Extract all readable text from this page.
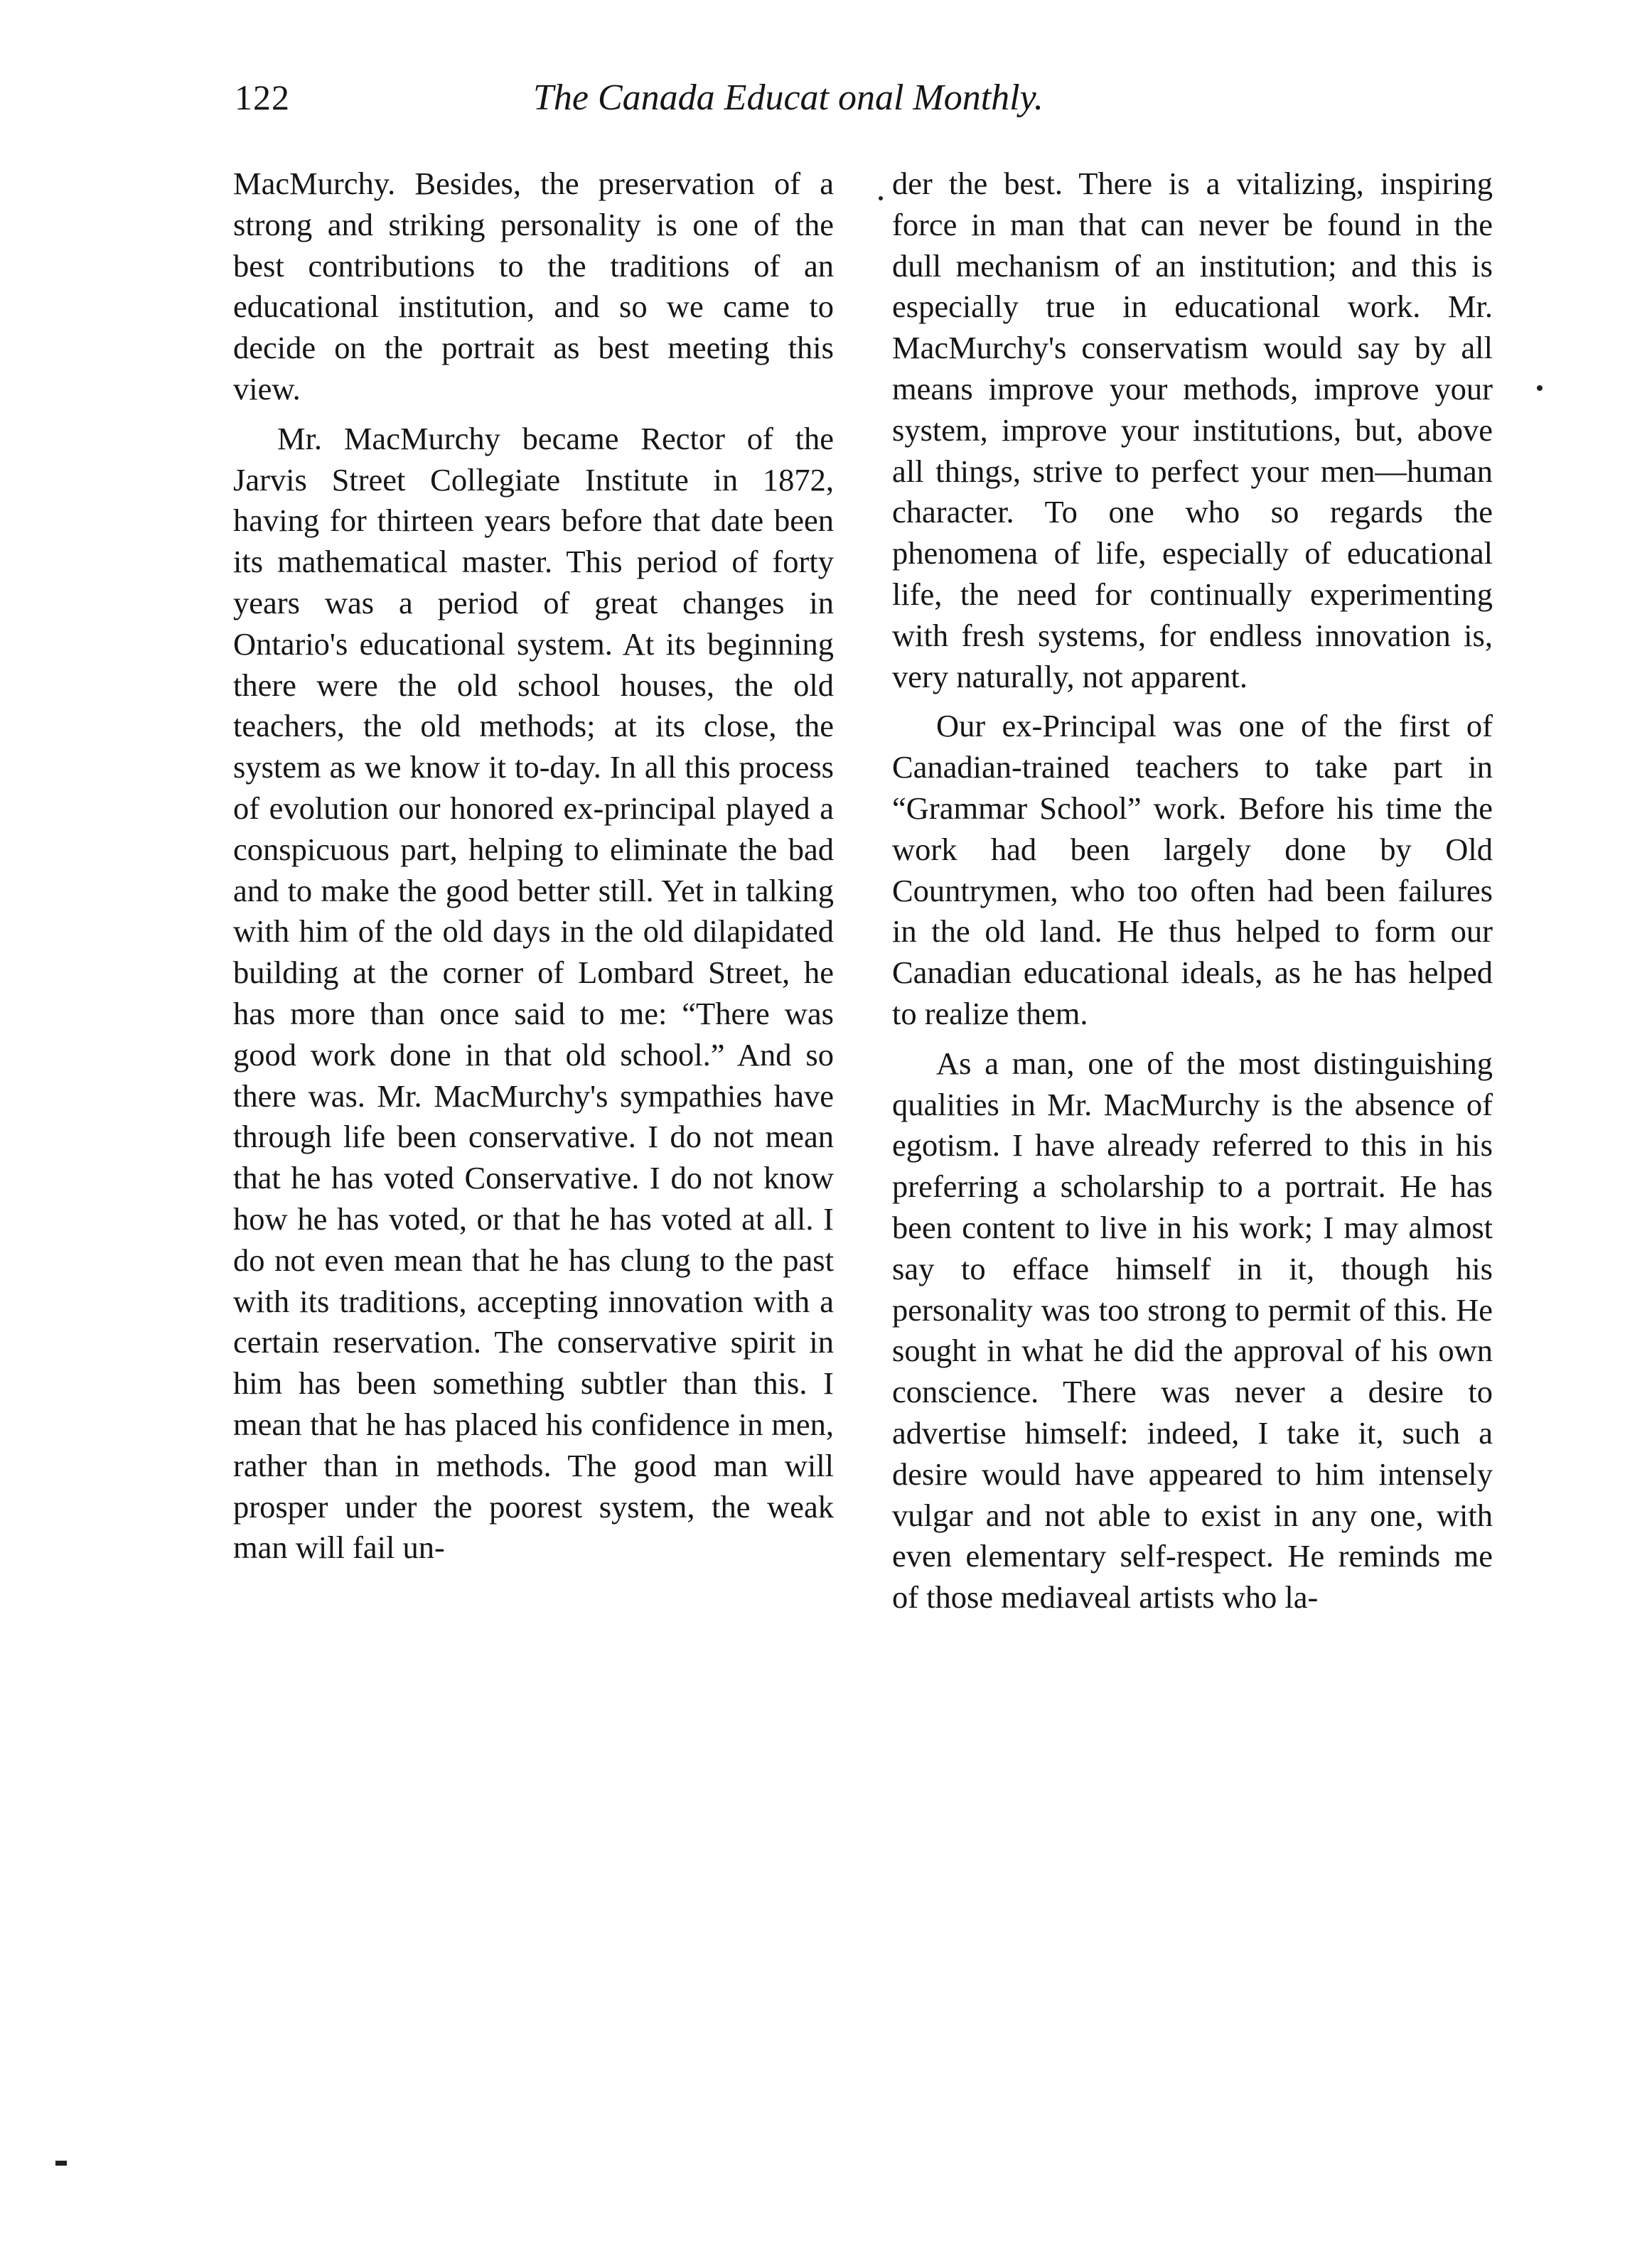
122	The Canada Educat onal Monthly.

MacMurchy. Besides, the preservation of a strong and striking personality is one of the best contributions to the traditions of an educational institution, and so we came to decide on the portrait as best meeting this view.

Mr. MacMurchy became Rector of the Jarvis Street Collegiate Institute in 1872, having for thirteen years before that date been its mathematical master. This period of forty years was a period of great changes in Ontario's educational system. At its beginning there were the old school houses, the old teachers, the old methods; at its close, the system as we know it to-day. In all this process of evolution our honored ex-principal played a conspicuous part, helping to eliminate the bad and to make the good better still. Yet in talking with him of the old days in the old dilapidated building at the corner of Lombard Street, he has more than once said to me: “There was good work done in that old school.” And so there was. Mr. MacMurchy's sympathies have through life been conservative. I do not mean that he has voted Conservative. I do not know how he has voted, or that he has voted at all. I do not even mean that he has clung to the past with its traditions, accepting innovation with a certain reservation. The conservative spirit in him has been something subtler than this. I mean that he has placed his confidence in men, rather than in methods. The good man will prosper under the poorest system, the weak man will fail un-

der the best. There is a vitalizing, inspiring force in man that can never be found in the dull mechanism of an institution; and this is especially true in educational work. Mr. MacMurchy's conservatism would say by all means improve your methods, improve your system, improve your institutions, but, above all things, strive to perfect your men—human character. To one who so regards the phenomena of life, especially of educational life, the need for continually experimenting with fresh systems, for endless innovation is, very naturally, not apparent.

Our ex-Principal was one of the first of Canadian-trained teachers to take part in “Grammar School” work. Before his time the work had been largely done by Old Countrymen, who too often had been failures in the old land. He thus helped to form our Canadian educational ideals, as he has helped to realize them.

As a man, one of the most distinguishing qualities in Mr. MacMurchy is the absence of egotism. I have already referred to this in his preferring a scholarship to a portrait. He has been content to live in his work; I may almost say to efface himself in it, though his personality was too strong to permit of this. He sought in what he did the approval of his own conscience. There was never a desire to advertise himself: indeed, I take it, such a desire would have appeared to him intensely vulgar and not able to exist in any one, with even elementary self-respect. He reminds me of those mediaveal artists who la-
